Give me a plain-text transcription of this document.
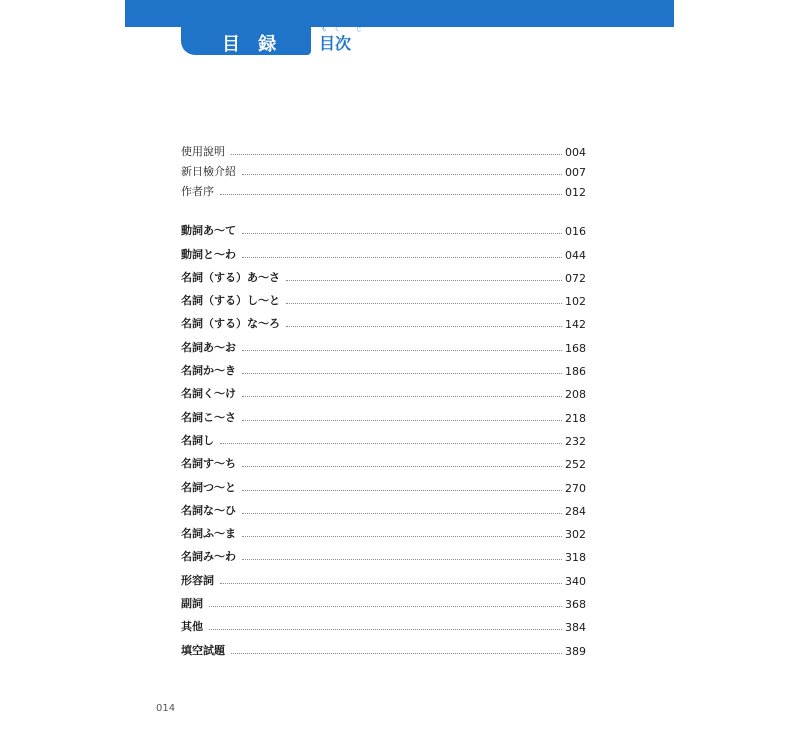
目 録
もく じ
目次
使用說明	004
新日檢介紹	007
作者序	012
動詞あ～て	016
動詞と～わ	044
名詞（する）あ～さ	072
名詞（する）し～と	102
名詞（する）な～ろ	142
名詞あ～お	168
名詞か～き	186
名詞く～け	208
名詞こ～さ	218
名詞し	232
名詞す～ち	252
名詞つ～と	270
名詞な～ひ	284
名詞ふ～ま	302
名詞み～わ	318
形容詞	340
副詞	368
其他	384
填空試題	389
014
